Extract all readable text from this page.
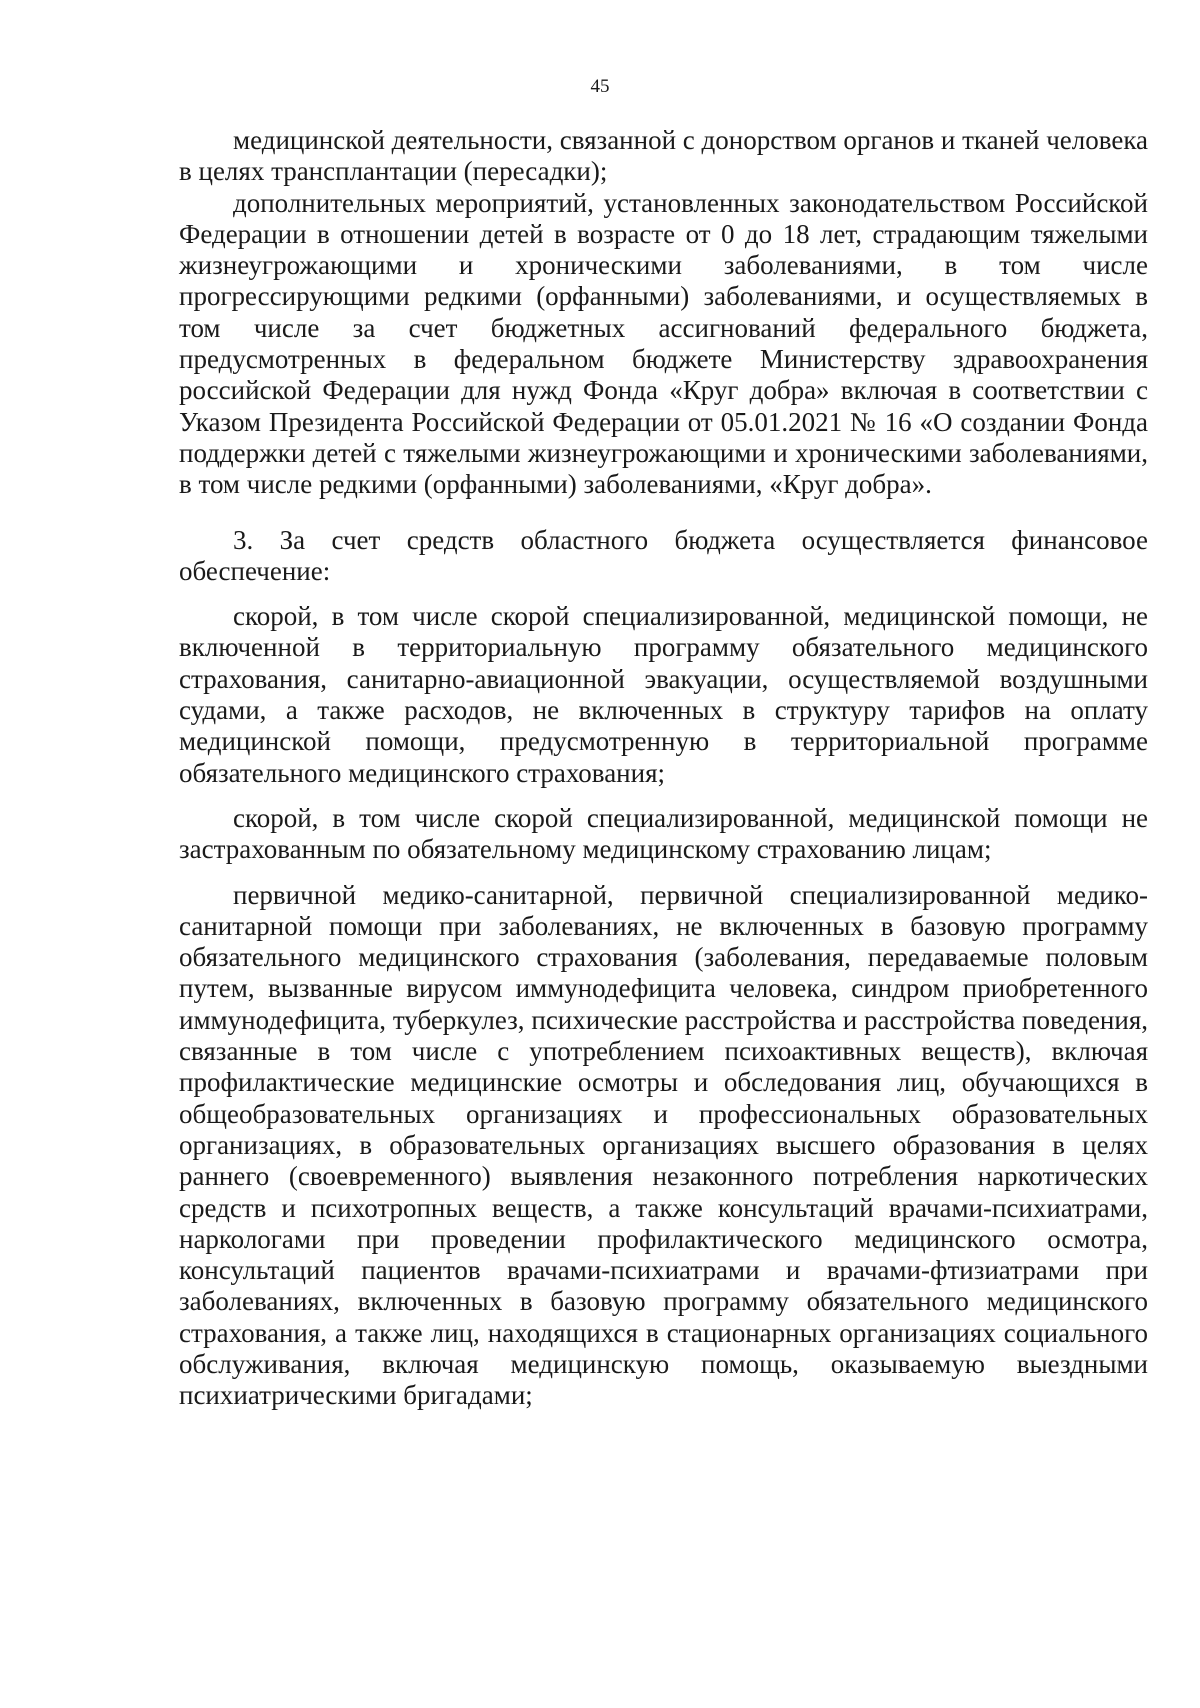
45

медицинской деятельности, связанной с донорством органов и тканей человека в целях трансплантации (пересадки);

дополнительных мероприятий, установленных законодательством Российской Федерации в отношении детей в возрасте от 0 до 18 лет, страдающим тяжелыми жизнеугрожающими и хроническими заболеваниями, в том числе прогрессирующими редкими (орфанными) заболеваниями, и осуществляемых в том числе за счет бюджетных ассигнований федерального бюджета, предусмотренных в федеральном бюджете Министерству здравоохранения российской Федерации для нужд Фонда «Круг добра» включая в соответствии с Указом Президента Российской Федерации от 05.01.2021 № 16 «О создании Фонда поддержки детей с тяжелыми жизнеугрожающими и хроническими заболеваниями, в том числе редкими (орфанными) заболеваниями, «Круг добра».

3. За счет средств областного бюджета осуществляется финансовое обеспечение:

скорой, в том числе скорой специализированной, медицинской помощи, не включенной в территориальную программу обязательного медицинского страхования, санитарно-авиационной эвакуации, осуществляемой воздушными судами, а также расходов, не включенных в структуру тарифов на оплату медицинской помощи, предусмотренную в территориальной программе обязательного медицинского страхования;

скорой, в том числе скорой специализированной, медицинской помощи не застрахованным по обязательному медицинскому страхованию лицам;

первичной медико-санитарной, первичной специализированной медико-санитарной помощи при заболеваниях, не включенных в базовую программу обязательного медицинского страхования (заболевания, передаваемые половым путем, вызванные вирусом иммунодефицита человека, синдром приобретенного иммунодефицита, туберкулез, психические расстройства и расстройства поведения, связанные в том числе с употреблением психоактивных веществ), включая профилактические медицинские осмотры и обследования лиц, обучающихся в общеобразовательных организациях и профессиональных образовательных организациях, в образовательных организациях высшего образования в целях раннего (своевременного) выявления незаконного потребления наркотических средств и психотропных веществ, а также консультаций врачами-психиатрами, наркологами при проведении профилактического медицинского осмотра, консультаций пациентов врачами-психиатрами и врачами-фтизиатрами при заболеваниях, включенных в базовую программу обязательного медицинского страхования, а также лиц, находящихся в стационарных организациях социального обслуживания, включая медицинскую помощь, оказываемую выездными психиатрическими бригадами;
